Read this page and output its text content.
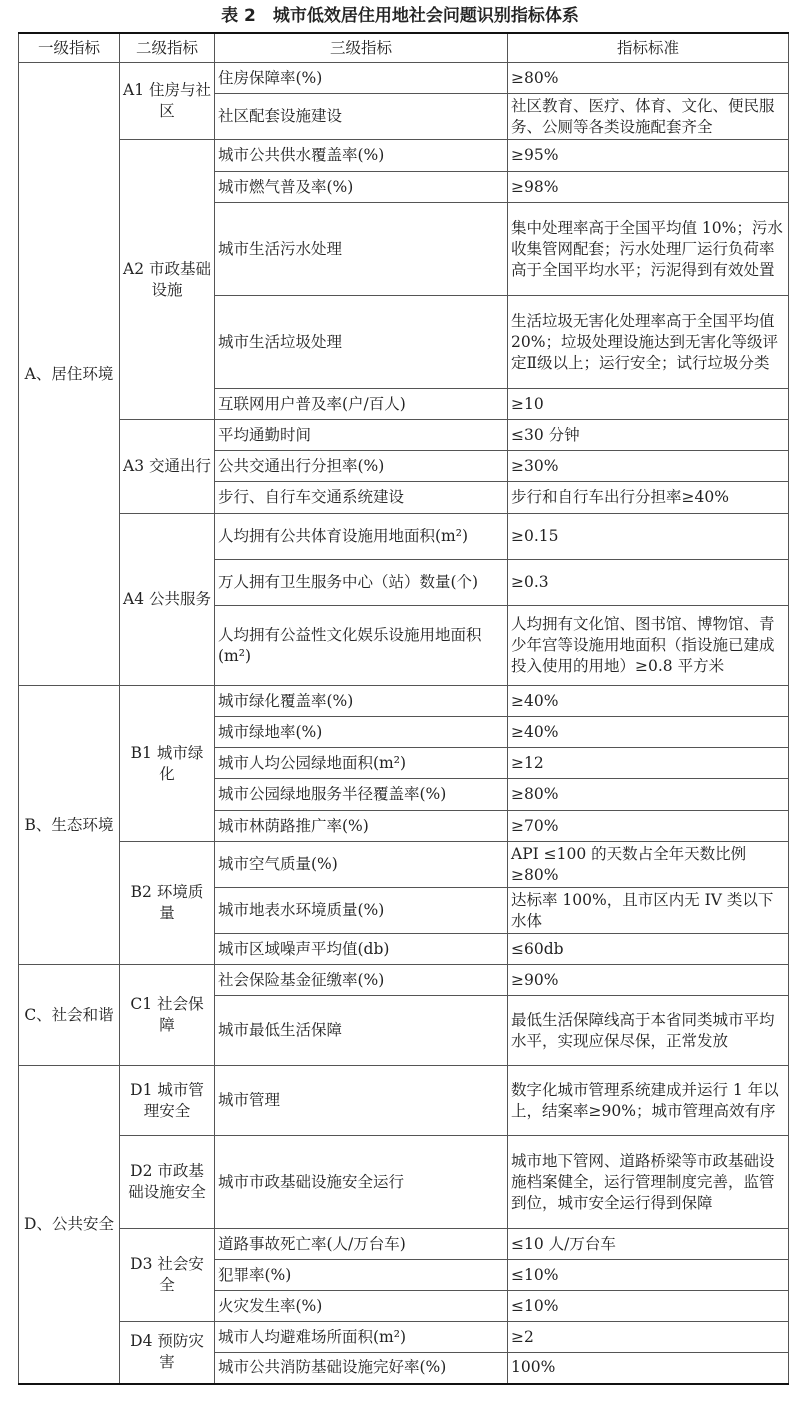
表 2　城市低效居住用地社会问题识别指标体系
一级指标	二级指标	三级指标	指标标准
A、居住环境	A1 住房与社区	住房保障率(%)	≥80%
		社区配套设施建设	社区教育、医疗、体育、文化、便民服务、公厕等各类设施配套齐全
	A2 市政基础设施	城市公共供水覆盖率(%)	≥95%
		城市燃气普及率(%)	≥98%
		城市生活污水处理	集中处理率高于全国平均值 10%；污水收集管网配套；污水处理厂运行负荷率高于全国平均水平；污泥得到有效处置
		城市生活垃圾处理	生活垃圾无害化处理率高于全国平均值 20%；垃圾处理设施达到无害化等级评定Ⅱ级以上；运行安全；试行垃圾分类
		互联网用户普及率(户/百人)	≥10
	A3 交通出行	平均通勤时间	≤30 分钟
		公共交通出行分担率(%)	≥30%
		步行、自行车交通系统建设	步行和自行车出行分担率≥40%
	A4 公共服务	人均拥有公共体育设施用地面积(m²)	≥0.15
		万人拥有卫生服务中心（站）数量(个)	≥0.3
		人均拥有公益性文化娱乐设施用地面积(m²)	人均拥有文化馆、图书馆、博物馆、青少年宫等设施用地面积（指设施已建成投入使用的用地）≥0.8 平方米
B、生态环境	B1 城市绿化	城市绿化覆盖率(%)	≥40%
		城市绿地率(%)	≥40%
		城市人均公园绿地面积(m²)	≥12
		城市公园绿地服务半径覆盖率(%)	≥80%
		城市林荫路推广率(%)	≥70%
	B2 环境质量	城市空气质量(%)	API ≤100 的天数占全年天数比例≥80%
		城市地表水环境质量(%)	达标率 100%，且市区内无 IV 类以下水体
		城市区域噪声平均值(db)	≤60db
C、社会和谐	C1 社会保障	社会保险基金征缴率(%)	≥90%
		城市最低生活保障	最低生活保障线高于本省同类城市平均水平，实现应保尽保，正常发放
D、公共安全	D1 城市管理安全	城市管理	数字化城市管理系统建成并运行 1 年以上，结案率≥90%；城市管理高效有序
	D2 市政基础设施安全	城市市政基础设施安全运行	城市地下管网、道路桥梁等市政基础设施档案健全，运行管理制度完善，监管到位，城市安全运行得到保障
	D3 社会安全	道路事故死亡率(人/万台车)	≤10 人/万台车
		犯罪率(%)	≤10%
		火灾发生率(%)	≤10%
	D4 预防灾害	城市人均避难场所面积(m²)	≥2
		城市公共消防基础设施完好率(%)	100%
